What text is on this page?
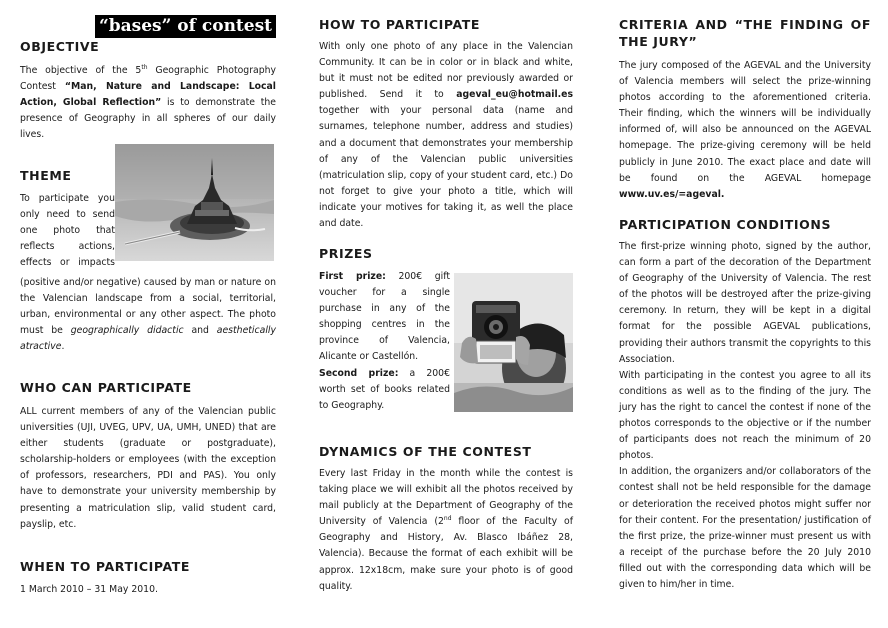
“bases” of contest
OBJECTIVE
The objective of the 5th Geographic Photography Contest “Man, Nature and Landscape: Local Action, Global Reflection” is to demonstrate the presence of Geography in all spheres of our daily lives.
THEME
To participate you
only need to send
one photo that
reflects actions,
effects or impacts
(positive and/or negative) caused by man or nature on the Valencian landscape from a social, territorial, urban, environmental or any other aspect. The photo must be geographically didactic and aesthetically atractive.
WHO CAN PARTICIPATE
ALL current members of any of the Valencian public universities (UJI, UVEG, UPV, UA, UMH, UNED) that are either students (graduate or postgraduate), scholarship-holders or employees (with the exception of professors, researchers, PDI and PAS). You only have to demonstrate your university membership by presenting a matriculation slip, valid student card, payslip, etc.
WHEN TO PARTICIPATE
1 March 2010 – 31 May 2010.
HOW TO PARTICIPATE
With only one photo of any place in the Valencian Community. It can be in color or in black and white, but it must not be edited nor previously awarded or published. Send it to ageval_eu@hotmail.es together with your personal data (name and surnames, telephone number, address and studies) and a document that demonstrates your membership of any of the Valencian public universities (matriculation slip, copy of your student card, etc.) Do not forget to give your photo a title, which will indicate your motives for taking it, as well the place and date.
PRIZES
First prize: 200€ gift voucher for a single purchase in any of the shopping centres in the province of Valencia, Alicante or Castellón.
Second prize: a 200€ worth set of books related to Geography.
DYNAMICS OF THE CONTEST
Every last Friday in the month while the contest is taking place we will exhibit all the photos received by mail publicly at the Department of Geography of the University of Valencia (2nd floor of the Faculty of Geography and History, Av. Blasco Ibáñez 28, Valencia). Because the format of each exhibit will be approx. 12x18cm, make sure your photo is of good quality.
CRITERIA AND “THE FINDING OF THE JURY”
The jury composed of the AGEVAL and the University of Valencia members will select the prize-winning photos according to the aforementioned criteria. Their finding, which the winners will be individually informed of, will also be announced on the AGEVAL homepage. The prize-giving ceremony will be held publicly in June 2010. The exact place and date will be found on the AGEVAL homepage www.uv.es/=ageval.
PARTICIPATION CONDITIONS
The first-prize winning photo, signed by the author, can form a part of the decoration of the Department of Geography of the University of Valencia. The rest of the photos will be destroyed after the prize-giving ceremony. In return, they will be kept in a digital format for the possible AGEVAL publications, providing their authors transmit the copyrights to this Association.
With participating in the contest you agree to all its conditions as well as to the finding of the jury. The jury has the right to cancel the contest if none of the photos corresponds to the objective or if the number of participants does not reach the minimum of 20 photos.
In addition, the organizers and/or collaborators of the contest shall not be held responsible for the damage or deterioration the received photos might suffer nor for their content. For the presentation/ justification of the first prize, the prize-winner must present us with a receipt of the purchase before the 20 July 2010 filled out with the corresponding data which will be given to him/her in time.
